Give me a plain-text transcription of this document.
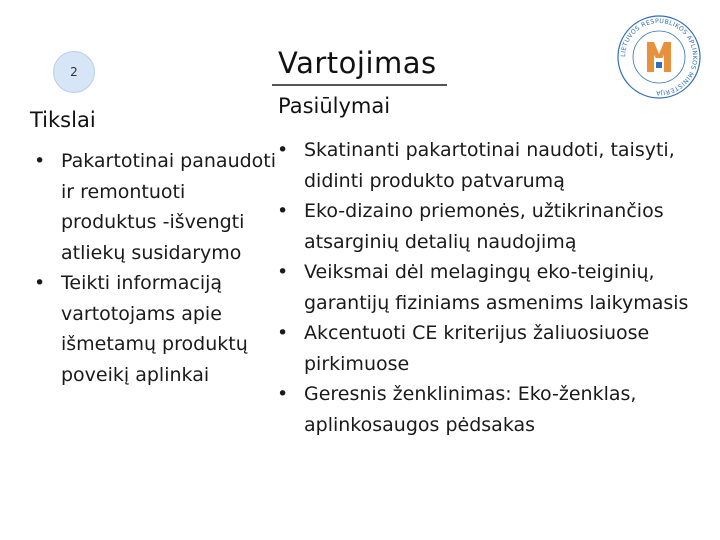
2	Vartojimas	LIETUVOS RESPUBLIKOS APLINKOS MINISTERIJA
Tikslai
• Pakartotinai panaudoti ir remontuoti produktus -išvengti atliekų susidarymo
• Teikti informaciją vartotojams apie išmetamų produktų poveikį aplinkai
Pasiūlymai
• Skatinanti pakartotinai naudoti, taisyti, didinti produkto patvarumą
• Eko-dizaino priemonės, užtikrinančios atsarginių detalių naudojimą
• Veiksmai dėl melagingų eko-teiginių, garantijų fiziniams asmenims laikymasis
• Akcentuoti CE kriterijus žaliuosiuose pirkimuose
• Geresnis ženklinimas: Eko-ženklas, aplinkosaugos pėdsakas
